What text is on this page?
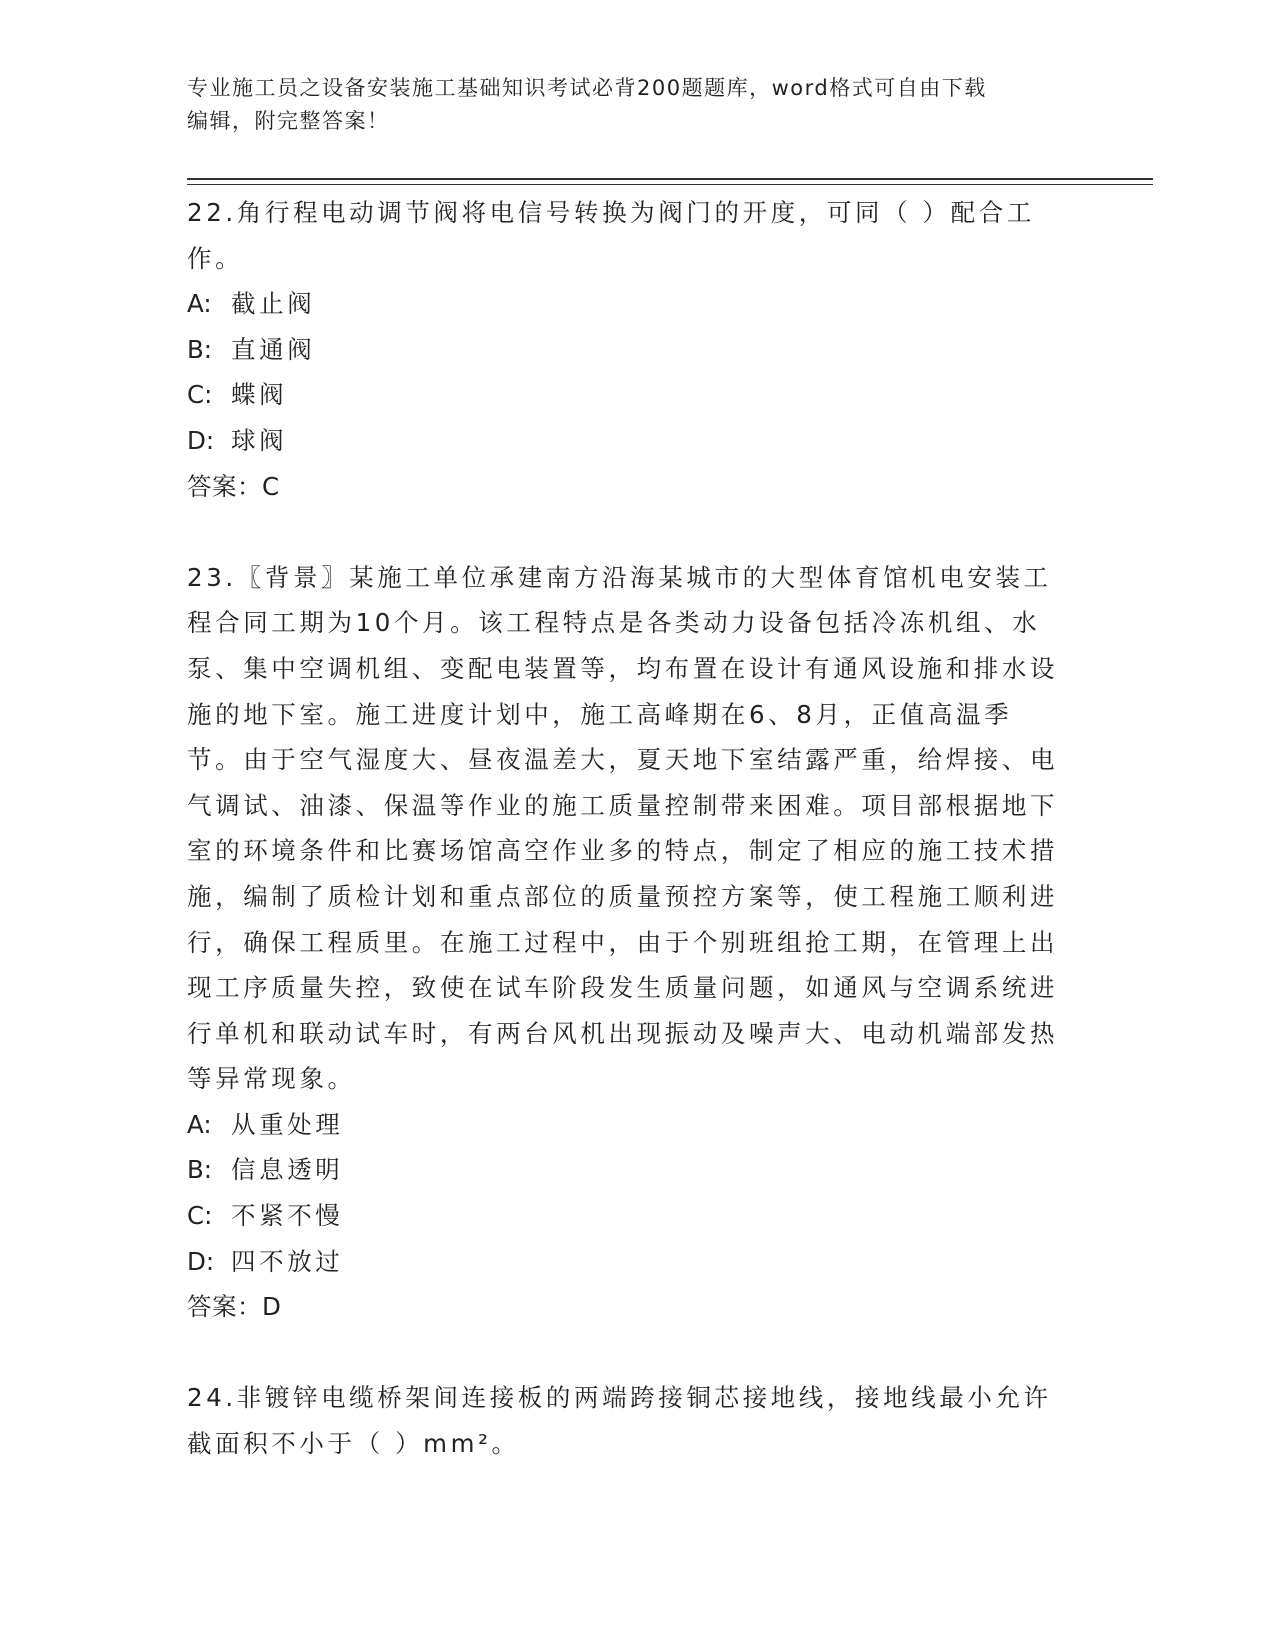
专业施工员之设备安装施工基础知识考试必背200题题库，word格式可自由下载
编辑，附完整答案！

22.角行程电动调节阀将电信号转换为阀门的开度，可同（ ）配合工作。

A: 截止阀

B: 直通阀

C: 蝶阀

D: 球阀

答案：C

23.〖背景〗某施工单位承建南方沿海某城市的大型体育馆机电安装工程合同工期为10个月。该工程特点是各类动力设备包括冷冻机组、水泵、集中空调机组、变配电装置等，均布置在设计有通风设施和排水设施的地下室。施工进度计划中，施工高峰期在6、8月，正值高温季节。由于空气湿度大、昼夜温差大，夏天地下室结露严重，给焊接、电气调试、油漆、保温等作业的施工质量控制带来困难。项目部根据地下室的环境条件和比赛场馆高空作业多的特点，制定了相应的施工技术措施，编制了质检计划和重点部位的质量预控方案等，使工程施工顺利进行，确保工程质里。在施工过程中，由于个别班组抢工期，在管理上出现工序质量失控，致使在试车阶段发生质量问题，如通风与空调系统进行单机和联动试车时，有两台风机出现振动及噪声大、电动机端部发热等异常现象。

A: 从重处理

B: 信息透明

C: 不紧不慢

D: 四不放过

答案：D

24.非镀锌电缆桥架间连接板的两端跨接铜芯接地线，接地线最小允许截面积不小于（ ）mm²。
